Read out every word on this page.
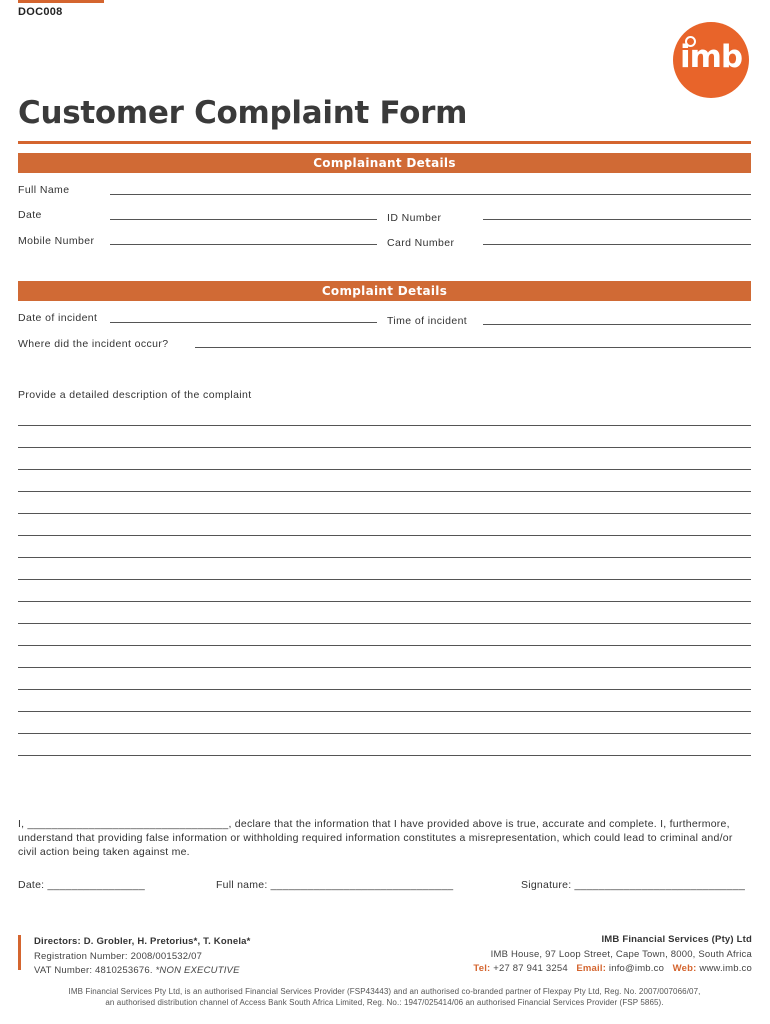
DOC008
imb
Customer Complaint Form
Complainant Details
Full Name
Date	ID Number
Mobile Number	Card Number
Complaint Details
Date of incident	Time of incident
Where did the incident occur?
Provide a detailed description of the complaint
I, _________________________________, declare that the information that I have provided above is true, accurate and complete. I, furthermore, understand that providing false information or withholding required information constitutes a misrepresentation, which could lead to criminal and/or civil action being taken against me.
Date: ________________	Full name: ______________________________	Signature: ____________________________
Directors: D. Grobler, H. Pretorius*, T. Konela*
Registration Number: 2008/001532/07
VAT Number: 4810253676. *NON EXECUTIVE
IMB Financial Services (Pty) Ltd
IMB House, 97 Loop Street, Cape Town, 8000, South Africa
Tel: +27 87 941 3254 Email: info@imb.co Web: www.imb.co
IMB Financial Services Pty Ltd, is an authorised Financial Services Provider (FSP43443) and an authorised co-branded partner of Flexpay Pty Ltd, Reg. No. 2007/007066/07,
an authorised distribution channel of Access Bank South Africa Limited, Reg. No.: 1947/025414/06 an authorised Financial Services Provider (FSP 5865).
